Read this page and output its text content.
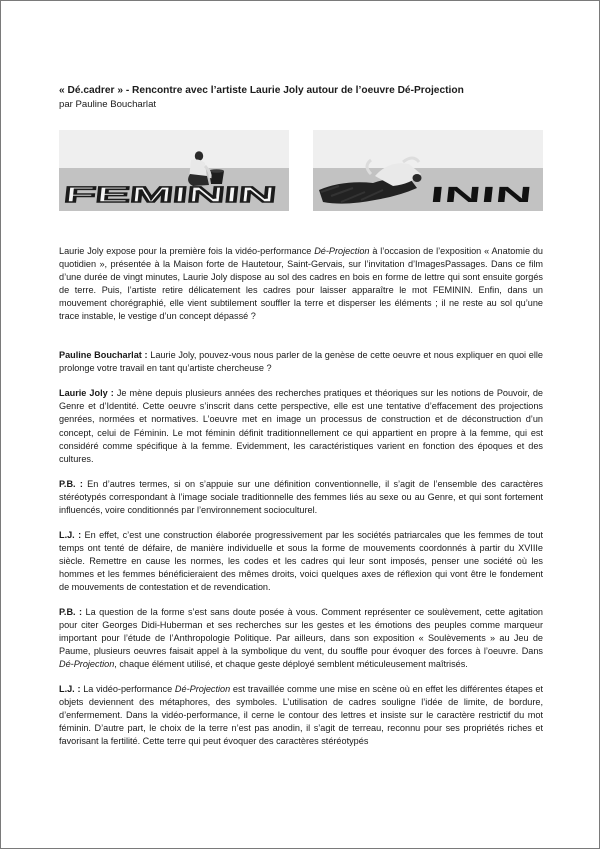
« Dé.cadrer » - Rencontre avec l’artiste Laurie Joly autour de l’oeuvre Dé-Projection
par Pauline Boucharlat
FEMININ	ININ

Laurie Joly expose pour la première fois la vidéo-performance Dé-Projection à l’occasion de l’exposition « Anatomie du quotidien », présentée à la Maison forte de Hautetour, Saint-Gervais, sur l’invitation d’ImagesPassages. Dans ce film d’une durée de vingt minutes, Laurie Joly dispose au sol des cadres en bois en forme de lettre qui sont ensuite gorgés de terre. Puis, l’artiste retire délicatement les cadres pour laisser apparaître le mot FEMININ. Enfin, dans un mouvement chorégraphié, elle vient subtilement souffler la terre et disperser les éléments ; il ne reste au sol qu’une trace instable, le vestige d’un concept dépassé ?

Pauline Boucharlat : Laurie Joly, pouvez-vous nous parler de la genèse de cette oeuvre et nous expliquer en quoi elle prolonge votre travail en tant qu’artiste chercheuse ?

Laurie Joly : Je mène depuis plusieurs années des recherches pratiques et théoriques sur les notions de Pouvoir, de Genre et d’Identité. Cette oeuvre s’inscrit dans cette perspective, elle est une tentative d’effacement des projections genrées, normées et normatives. L’oeuvre met en image un processus de construction et de déconstruction d’un concept, celui de Féminin. Le mot féminin définit traditionnellement ce qui appartient en propre à la femme, qui est considéré comme spécifique à la femme. Evidemment, les caractéristiques varient en fonction des époques et des cultures.

P.B. : En d’autres termes, si on s’appuie sur une définition conventionnelle, il s’agit de l’ensemble des caractères stéréotypés correspondant à l’image sociale traditionnelle des femmes liés au sexe ou au Genre, et qui sont fortement influencés, voire conditionnés par l’environnement socioculturel.

L.J. : En effet, c’est une construction élaborée progressivement par les sociétés patriarcales que les femmes de tout temps ont tenté de défaire, de manière individuelle et sous la forme de mouvements coordonnés à partir du XVIIIe siècle. Remettre en cause les normes, les codes et les cadres qui leur sont imposés, penser une société où les hommes et les femmes bénéficieraient des mêmes droits, voici quelques axes de réflexion qui vont être le fondement de mouvements de contestation et de revendication.

P.B. : La question de la forme s’est sans doute posée à vous. Comment représenter ce soulèvement, cette agitation pour citer Georges Didi-Huberman et ses recherches sur les gestes et les émotions des peuples comme marqueur important pour l’étude de l’Anthropologie Politique. Par ailleurs, dans son exposition « Soulèvements » au Jeu de Paume, plusieurs oeuvres faisait appel à la symbolique du vent, du souffle pour évoquer des forces à l’oeuvre. Dans Dé-Projection, chaque élément utilisé, et chaque geste déployé semblent méticuleusement maîtrisés.

L.J. : La vidéo-performance Dé-Projection est travaillée comme une mise en scène où en effet les différentes étapes et objets deviennent des métaphores, des symboles. L’utilisation de cadres souligne l’idée de limite, de bordure, d’enfermement. Dans la vidéo-performance, il cerne le contour des lettres et insiste sur le caractère restrictif du mot féminin. D’autre part, le choix de la terre n’est pas anodin, il s’agit de terreau, reconnu pour ses propriétés riches et favorisant la fertilité. Cette terre qui peut évoquer des caractères stéréotypés
